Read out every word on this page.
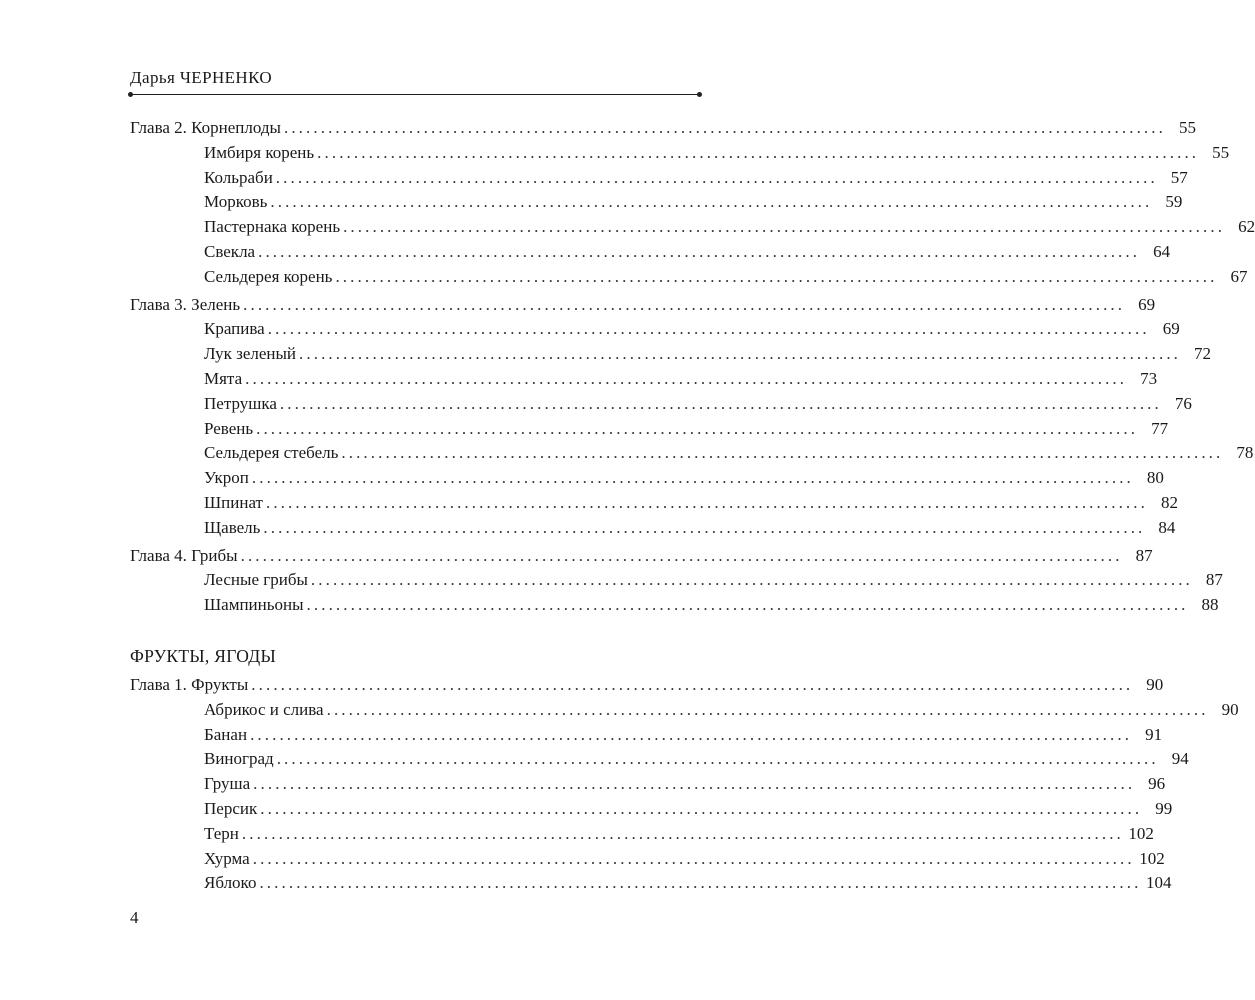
Дарья ЧЕРНЕНКО
Глава 2. Корнеплоды ........................................................................................................................ 55
Имбиря корень ........................................................................................................................ 55
Кольраби ........................................................................................................................ 57
Морковь ........................................................................................................................ 59
Пастернака корень ........................................................................................................................ 62
Свекла ........................................................................................................................ 64
Сельдерея корень ........................................................................................................................ 67
Глава 3. Зелень ........................................................................................................................ 69
Крапива ........................................................................................................................ 69
Лук зеленый ........................................................................................................................ 72
Мята ........................................................................................................................ 73
Петрушка ........................................................................................................................ 76
Ревень ........................................................................................................................ 77
Сельдерея стебель ........................................................................................................................ 78
Укроп ........................................................................................................................ 80
Шпинат ........................................................................................................................ 82
Щавель ........................................................................................................................ 84
Глава 4. Грибы ........................................................................................................................ 87
Лесные грибы ........................................................................................................................ 87
Шампиньоны ........................................................................................................................ 88
ФРУКТЫ, ЯГОДЫ
Глава 1. Фрукты ........................................................................................................................ 90
Абрикос и слива ........................................................................................................................ 90
Банан ........................................................................................................................ 91
Виноград ........................................................................................................................ 94
Груша ........................................................................................................................ 96
Персик ........................................................................................................................ 99
Терн ........................................................................................................................ 102
Хурма ........................................................................................................................ 102
Яблоко ........................................................................................................................ 104
4
